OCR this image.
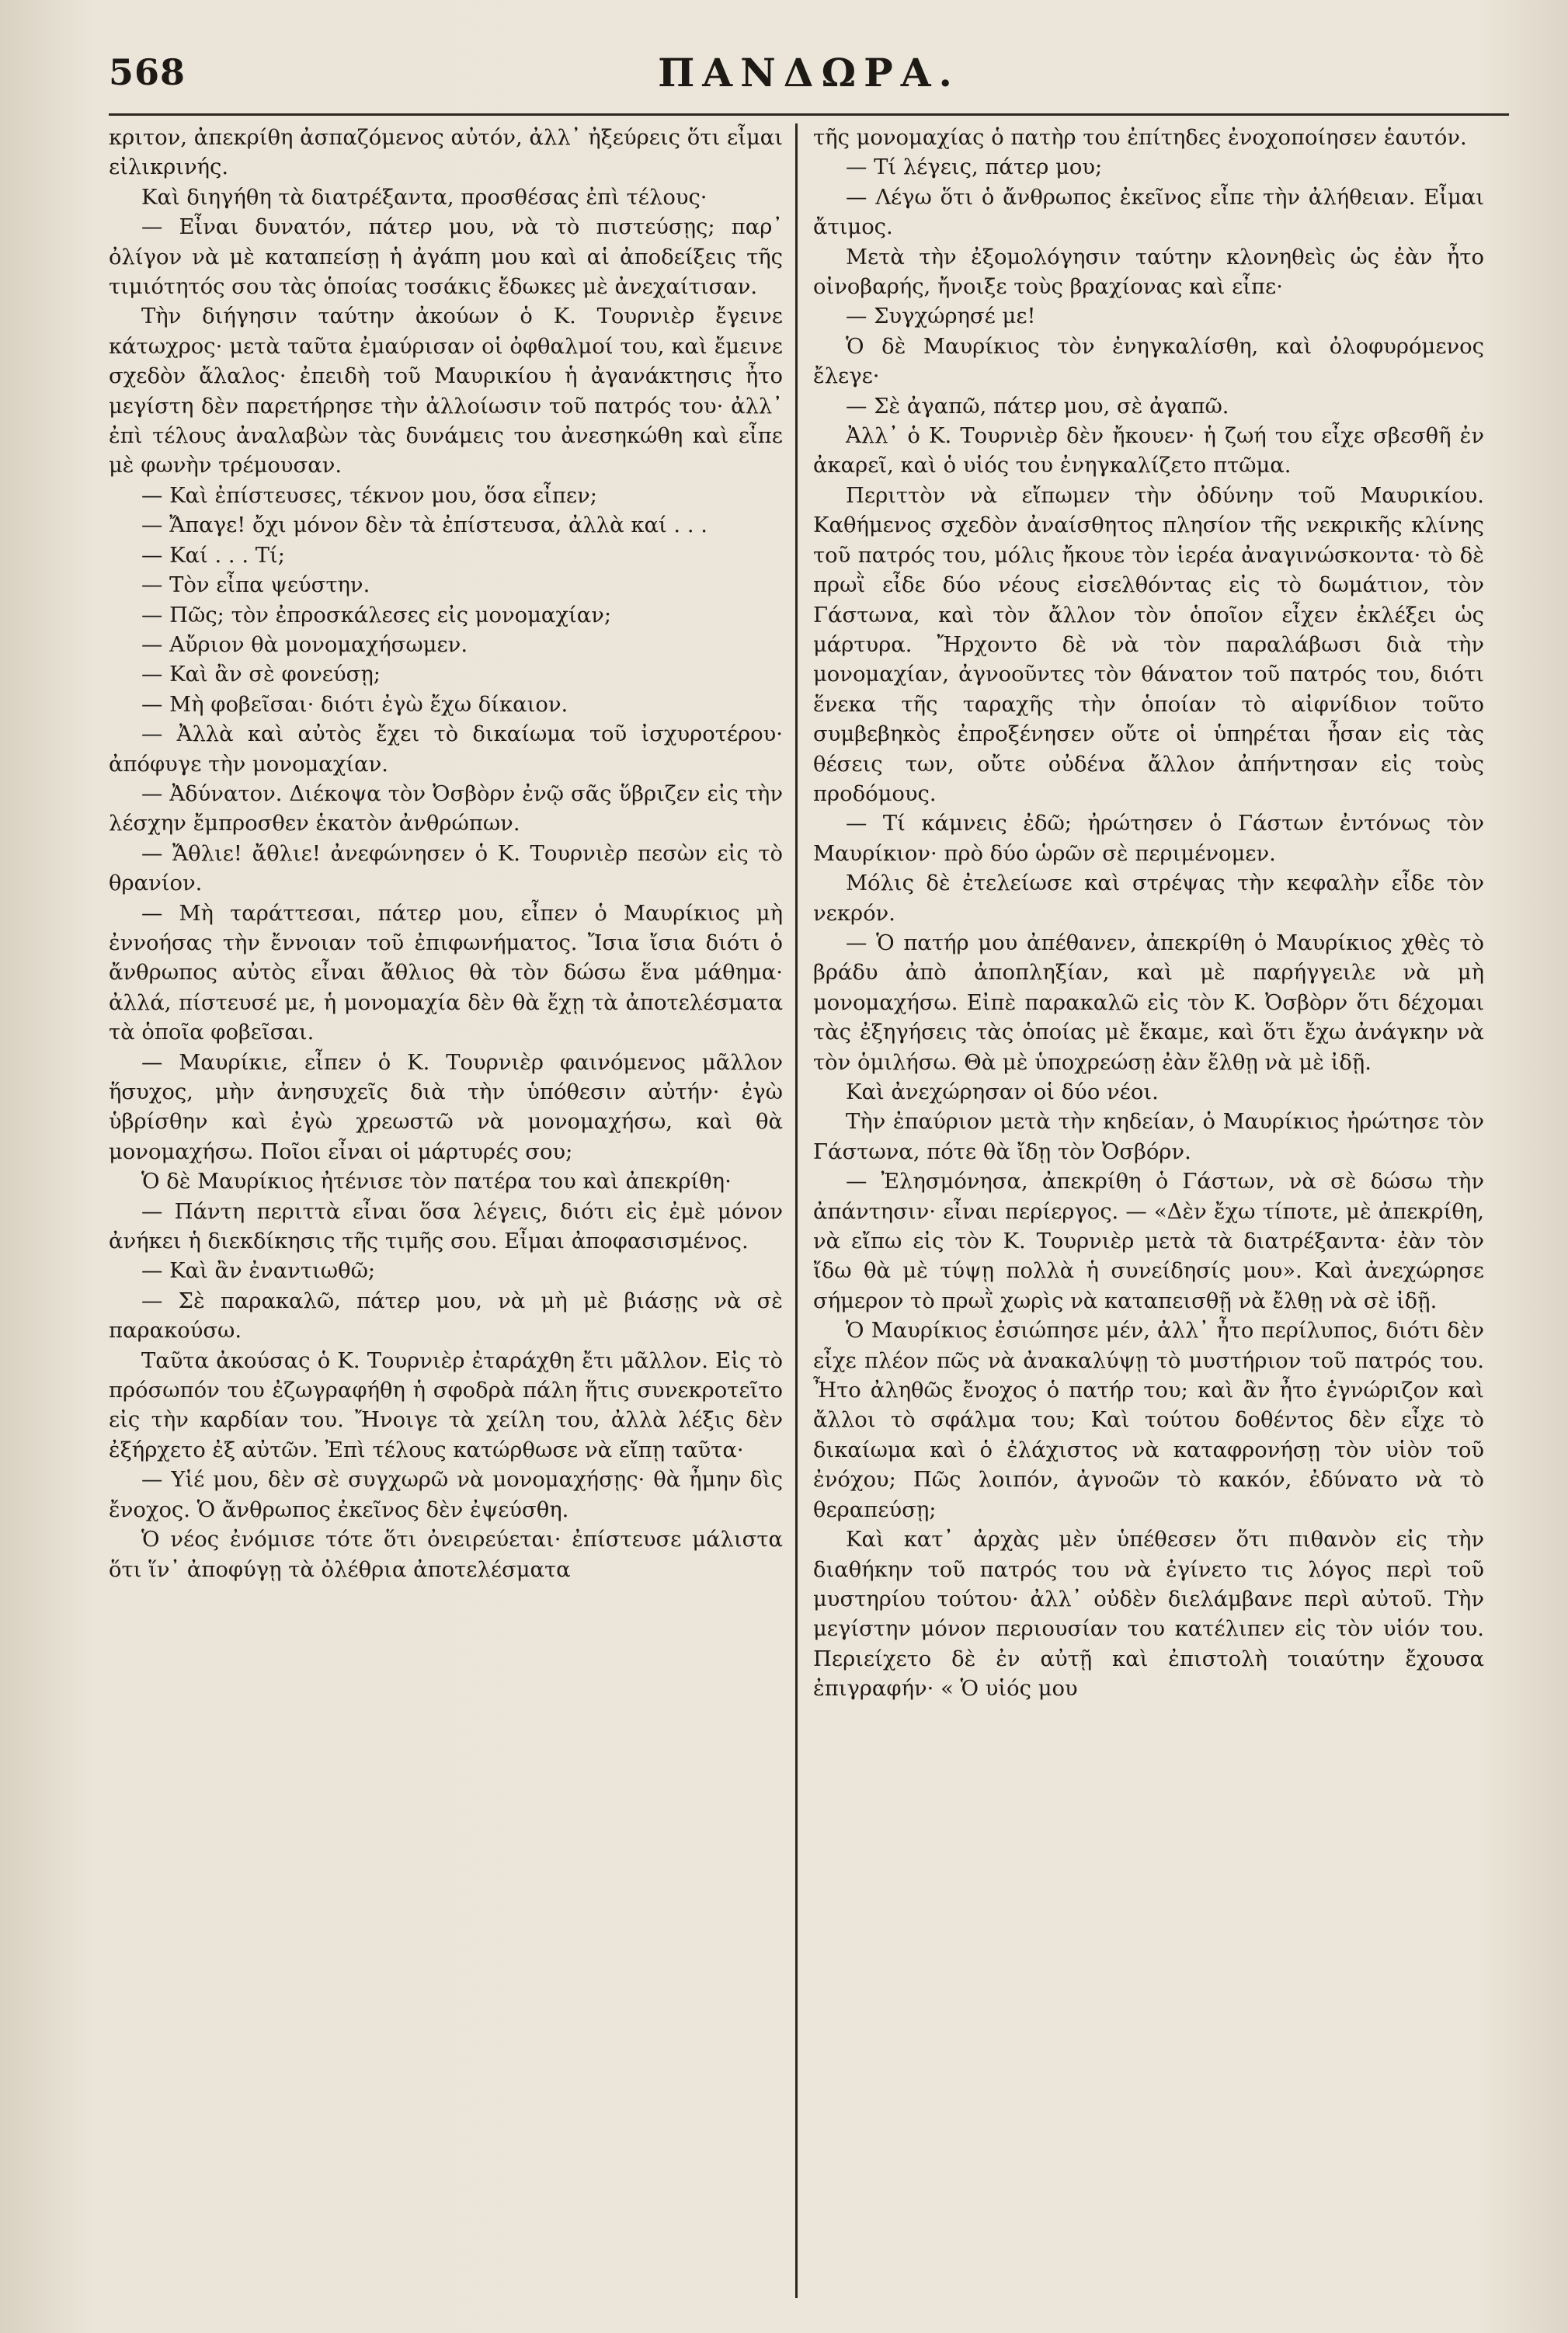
568	ΠΑΝΔΩΡΑ.

κριτον, ἀπεκρίθη ἀσπαζόμενος αὐτόν, ἀλλ᾽ ἠξεύρεις ὅτι εἶμαι εἰλικρινής.

Καὶ διηγήθη τὰ διατρέξαντα, προσθέσας ἐπὶ τέλους·

— Εἶναι δυνατόν, πάτερ μου, νὰ τὸ πιστεύσῃς; παρ᾽ ὀλίγον νὰ μὲ καταπείσῃ ἡ ἀγάπη μου καὶ αἱ ἀποδείξεις τῆς τιμιότητός σου τὰς ὁποίας τοσάκις ἔδωκες μὲ ἀνεχαίτισαν.

Τὴν διήγησιν ταύτην ἀκούων ὁ Κ. Τουρνιὲρ ἔγεινε κάτωχρος· μετὰ ταῦτα ἐμαύρισαν οἱ ὀφθαλμοί του, καὶ ἔμεινε σχεδὸν ἄλαλος· ἐπειδὴ τοῦ Μαυρικίου ἡ ἀγανάκτησις ἦτο μεγίστη δὲν παρετήρησε τὴν ἀλλοίωσιν τοῦ πατρός του· ἀλλ᾽ ἐπὶ τέλους ἀναλαβὼν τὰς δυνάμεις του ἀνεσηκώθη καὶ εἶπε μὲ φωνὴν τρέμουσαν.

— Καὶ ἐπίστευσες, τέκνον μου, ὅσα εἶπεν;

— Ἄπαγε! ὄχι μόνον δὲν τὰ ἐπίστευσα, ἀλλὰ καί . . .

— Καί . . . Τί;

— Τὸν εἶπα ψεύστην.

— Πῶς; τὸν ἐπροσκάλεσες εἰς μονομαχίαν;

— Αὔριον θὰ μονομαχήσωμεν.

— Καὶ ἂν σὲ φονεύσῃ;

— Μὴ φοβεῖσαι· διότι ἐγὼ ἔχω δίκαιον.

— Ἀλλὰ καὶ αὐτὸς ἔχει τὸ δικαίωμα τοῦ ἰσχυροτέρου· ἀπόφυγε τὴν μονομαχίαν.

— Ἀδύνατον. Διέκοψα τὸν Ὀσβὸρν ἐνῷ σᾶς ὕβριζεν εἰς τὴν λέσχην ἔμπροσθεν ἑκατὸν ἀνθρώπων.

— Ἄθλιε! ἄθλιε! ἀνεφώνησεν ὁ Κ. Τουρνιὲρ πεσὼν εἰς τὸ θρανίον.

— Μὴ ταράττεσαι, πάτερ μου, εἶπεν ὁ Μαυρίκιος μὴ ἐννοήσας τὴν ἔννοιαν τοῦ ἐπιφωνήματος. Ἴσια ἴσια διότι ὁ ἄνθρωπος αὐτὸς εἶναι ἄθλιος θὰ τὸν δώσω ἕνα μάθημα· ἀλλά, πίστευσέ με, ἡ μονομαχία δὲν θὰ ἔχῃ τὰ ἀποτελέσματα τὰ ὁποῖα φοβεῖσαι.

— Μαυρίκιε, εἶπεν ὁ Κ. Τουρνιὲρ φαινόμενος μᾶλλον ἥσυχος, μὴν ἀνησυχεῖς διὰ τὴν ὑπόθεσιν αὐτήν· ἐγὼ ὑβρίσθην καὶ ἐγὼ χρεωστῶ νὰ μονομαχήσω, καὶ θὰ μονομαχήσω. Ποῖοι εἶναι οἱ μάρτυρές σου;

Ὁ δὲ Μαυρίκιος ἠτένισε τὸν πατέρα του καὶ ἀπεκρίθη·

— Πάντη περιττὰ εἶναι ὅσα λέγεις, διότι εἰς ἐμὲ μόνον ἀνήκει ἡ διεκδίκησις τῆς τιμῆς σου. Εἶμαι ἀποφασισμένος.

— Καὶ ἂν ἐναντιωθῶ;

— Σὲ παρακαλῶ, πάτερ μου, νὰ μὴ μὲ βιάσῃς νὰ σὲ παρακούσω.

Ταῦτα ἀκούσας ὁ Κ. Τουρνιὲρ ἐταράχθη ἔτι μᾶλλον. Εἰς τὸ πρόσωπόν του ἐζωγραφήθη ἡ σφοδρὰ πάλη ἥτις συνεκροτεῖτο εἰς τὴν καρδίαν του. Ἤνοιγε τὰ χείλη του, ἀλλὰ λέξις δὲν ἐξήρχετο ἐξ αὐτῶν. Ἐπὶ τέλους κατώρθωσε νὰ εἴπῃ ταῦτα·

— Υἱέ μου, δὲν σὲ συγχωρῶ νὰ μονομαχήσῃς· θὰ ἦμην δὶς ἔνοχος. Ὁ ἄνθρωπος ἐκεῖνος δὲν ἐψεύσθη.

Ὁ νέος ἐνόμισε τότε ὅτι ὀνειρεύεται· ἐπίστευσε μάλιστα ὅτι ἵν᾽ ἀποφύγῃ τὰ ὀλέθρια ἀποτελέσματα

τῆς μονομαχίας ὁ πατὴρ του ἐπίτηδες ἐνοχοποίησεν ἑαυτόν.

— Τί λέγεις, πάτερ μου;

— Λέγω ὅτι ὁ ἄνθρωπος ἐκεῖνος εἶπε τὴν ἀλήθειαν. Εἶμαι ἄτιμος.

Μετὰ τὴν ἐξομολόγησιν ταύτην κλονηθεὶς ὡς ἐὰν ἦτο οἰνοβαρής, ἤνοιξε τοὺς βραχίονας καὶ εἶπε·

— Συγχώρησέ με!

Ὁ δὲ Μαυρίκιος τὸν ἐνηγκαλίσθη, καὶ ὀλοφυρόμενος ἔλεγε·

— Σὲ ἀγαπῶ, πάτερ μου, σὲ ἀγαπῶ.

Ἀλλ᾽ ὁ Κ. Τουρνιὲρ δὲν ἤκουεν· ἡ ζωή του εἶχε σβεσθῆ ἐν ἀκαρεῖ, καὶ ὁ υἱός του ἐνηγκαλίζετο πτῶμα.

Περιττὸν νὰ εἴπωμεν τὴν ὀδύνην τοῦ Μαυρικίου. Καθήμενος σχεδὸν ἀναίσθητος πλησίον τῆς νεκρικῆς κλίνης τοῦ πατρός του, μόλις ἤκουε τὸν ἱερέα ἀναγινώσκοντα· τὸ δὲ πρωῒ εἶδε δύο νέους εἰσελθόντας εἰς τὸ δωμάτιον, τὸν Γάστωνα, καὶ τὸν ἄλλον τὸν ὁποῖον εἶχεν ἐκλέξει ὡς μάρτυρα. Ἤρχοντο δὲ νὰ τὸν παραλάβωσι διὰ τὴν μονομαχίαν, ἀγνοοῦντες τὸν θάνατον τοῦ πατρός του, διότι ἕνεκα τῆς ταραχῆς τὴν ὁποίαν τὸ αἰφνίδιον τοῦτο συμβεβηκὸς ἐπροξένησεν οὔτε οἱ ὑπηρέται ἦσαν εἰς τὰς θέσεις των, οὔτε οὐδένα ἄλλον ἀπήντησαν εἰς τοὺς προδόμους.

— Τί κάμνεις ἐδῶ; ἠρώτησεν ὁ Γάστων ἐντόνως τὸν Μαυρίκιον· πρὸ δύο ὡρῶν σὲ περιμένομεν.

Μόλις δὲ ἐτελείωσε καὶ στρέψας τὴν κεφαλὴν εἶδε τὸν νεκρόν.

— Ὁ πατήρ μου ἀπέθανεν, ἀπεκρίθη ὁ Μαυρίκιος χθὲς τὸ βράδυ ἀπὸ ἀποπληξίαν, καὶ μὲ παρήγγειλε νὰ μὴ μονομαχήσω. Εἰπὲ παρακαλῶ εἰς τὸν Κ. Ὀσβὸρν ὅτι δέχομαι τὰς ἐξηγήσεις τὰς ὁποίας μὲ ἔκαμε, καὶ ὅτι ἔχω ἀνάγκην νὰ τὸν ὁμιλήσω. Θὰ μὲ ὑποχρεώσῃ ἐὰν ἔλθῃ νὰ μὲ ἰδῇ.

Καὶ ἀνεχώρησαν οἱ δύο νέοι.

Τὴν ἐπαύριον μετὰ τὴν κηδείαν, ὁ Μαυρίκιος ἠρώτησε τὸν Γάστωνα, πότε θὰ ἴδῃ τὸν Ὀσβόρν.

— Ἐλησμόνησα, ἀπεκρίθη ὁ Γάστων, νὰ σὲ δώσω τὴν ἀπάντησιν· εἶναι περίεργος. — «Δὲν ἔχω τίποτε, μὲ ἀπεκρίθη, νὰ εἴπω εἰς τὸν Κ. Τουρνιὲρ μετὰ τὰ διατρέξαντα· ἐὰν τὸν ἴδω θὰ μὲ τύψῃ πολλὰ ἡ συνείδησίς μου». Καὶ ἀνεχώρησε σήμερον τὸ πρωῒ χωρὶς νὰ καταπεισθῇ νὰ ἔλθῃ νὰ σὲ ἰδῇ.

Ὁ Μαυρίκιος ἐσιώπησε μέν, ἀλλ᾽ ἦτο περίλυπος, διότι δὲν εἶχε πλέον πῶς νὰ ἀνακαλύψῃ τὸ μυστήριον τοῦ πατρός του. Ἦτο ἀληθῶς ἔνοχος ὁ πατήρ του; καὶ ἂν ἦτο ἐγνώριζον καὶ ἄλλοι τὸ σφάλμα του; Καὶ τούτου δοθέντος δὲν εἶχε τὸ δικαίωμα καὶ ὁ ἐλάχιστος νὰ καταφρονήσῃ τὸν υἱὸν τοῦ ἐνόχου; Πῶς λοιπόν, ἀγνοῶν τὸ κακόν, ἐδύνατο νὰ τὸ θεραπεύσῃ;

Καὶ κατ᾽ ἀρχὰς μὲν ὑπέθεσεν ὅτι πιθανὸν εἰς τὴν διαθήκην τοῦ πατρός του νὰ ἐγίνετο τις λόγος περὶ τοῦ μυστηρίου τούτου· ἀλλ᾽ οὐδὲν διελάμβανε περὶ αὐτοῦ. Τὴν μεγίστην μόνον περιουσίαν του κατέλιπεν εἰς τὸν υἱόν του. Περιείχετο δὲ ἐν αὐτῇ καὶ ἐπιστολὴ τοιαύτην ἔχουσα ἐπιγραφήν· « Ὁ υἱός μου
